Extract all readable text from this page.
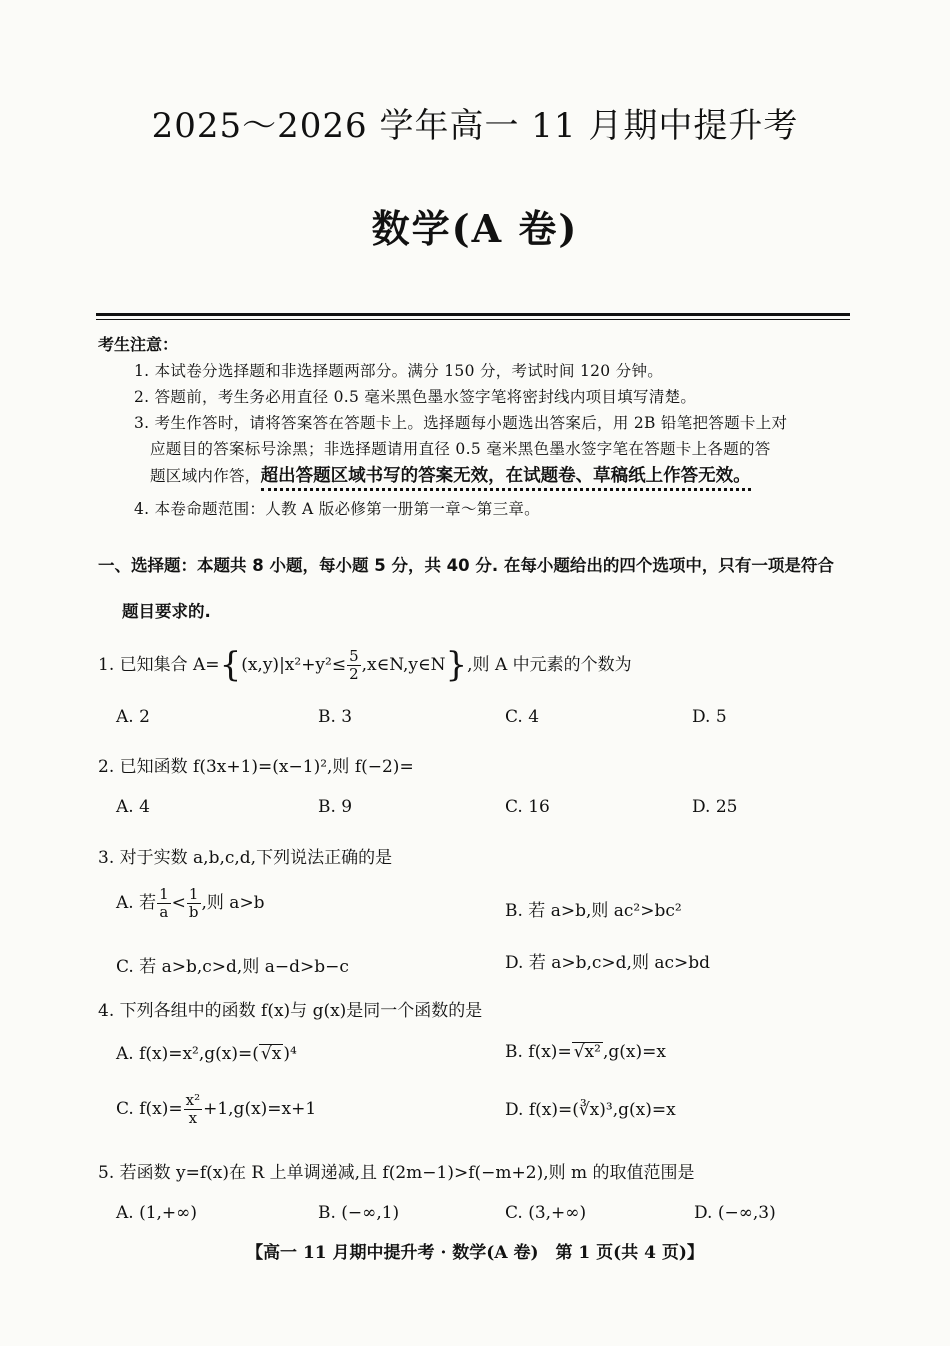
2025～2026 学年高一 11 月期中提升考
数学(A 卷)
考生注意：
1. 本试卷分选择题和非选择题两部分。满分 150 分，考试时间 120 分钟。
2. 答题前，考生务必用直径 0.5 毫米黑色墨水签字笔将密封线内项目填写清楚。
3. 考生作答时，请将答案答在答题卡上。选择题每小题选出答案后，用 2B 铅笔把答题卡上对
应题目的答案标号涂黑；非选择题请用直径 0.5 毫米黑色墨水签字笔在答题卡上各题的答
题区域内作答，超出答题区域书写的答案无效，在试题卷、草稿纸上作答无效。
4. 本卷命题范围：人教 A 版必修第一册第一章～第三章。
一、选择题：本题共 8 小题，每小题 5 分，共 40 分. 在每小题给出的四个选项中，只有一项是符合
题目要求的.
1. 已知集合 $A=\{(x,y)|x^2+y^2\le \frac{5}{2}$ ,x∈N,y∈N},则 A 中元素的个数为
A. 2	B. 3	C. 4	D. 5
2. 已知函数 f(3x+1)=(x−1)²,则 f(−2)=
A. 4	B. 9	C. 16	D. 25
3. 对于实数 a,b,c,d,下列说法正确的是
A. 若 $\frac{1}{a} < \frac{1}{b}$ ,则 a>b	B. 若 a>b,则 ac²>bc²
C. 若 a>b,c>d,则 a−d>b−c	D. 若 a>b,c>d,则 ac>bd
4. 下列各组中的函数 f(x)与 g(x)是同一个函数的是
A. f(x)=x²,g(x)=( √x )⁴	B. f(x)= √x² ,g(x)=x
C. $f(x)= \frac{\text{x²}}{x} +1,g(x)=x+1$	D. f(x)=(∛x)³,g(x)=x
5. 若函数 y=f(x)在 R 上单调递减,且 f(2m−1)>f(−m+2),则 m 的取值范围是
A. (1,+∞)	B. (−∞,1)	C. (3,+∞)	D. (−∞,3)
【高一 11 月期中提升考 · 数学(A 卷)　第 1 页(共 4 页)】
